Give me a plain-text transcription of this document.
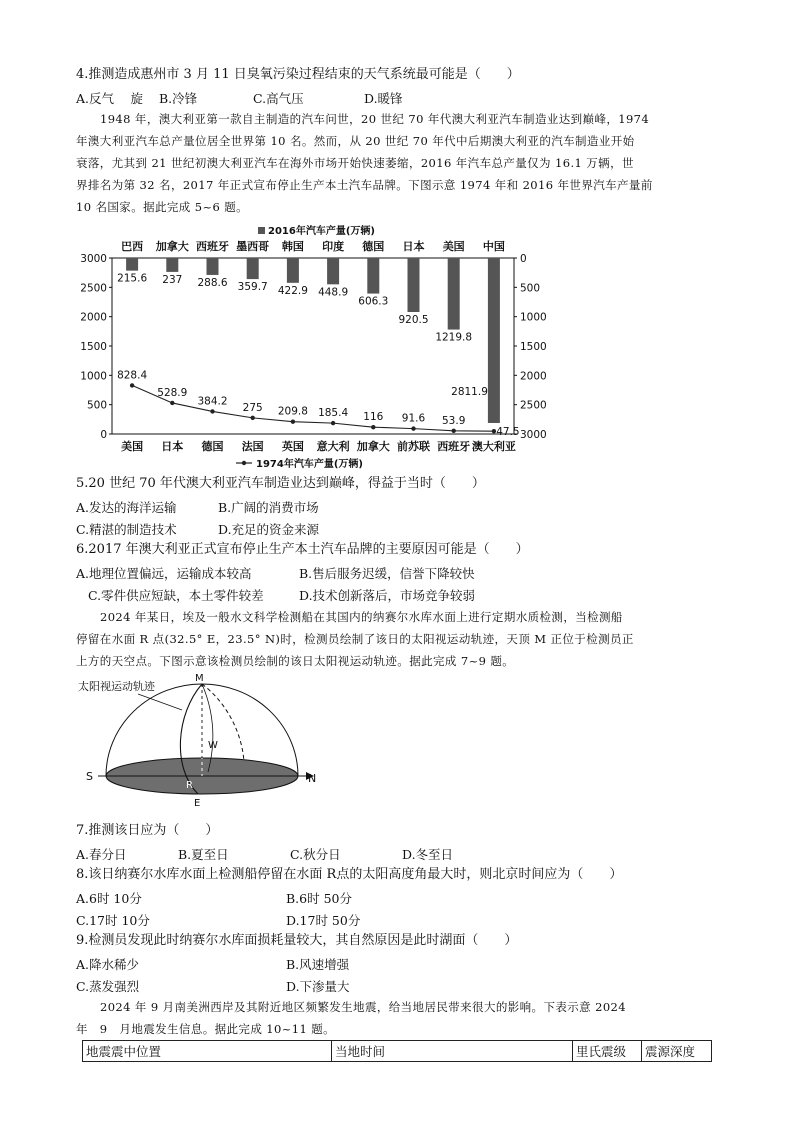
4.推测造成惠州市 3 月 11 日臭氧污染过程结束的天气系统最可能是（　　）
A.反气　 旋 B.冷锋	C.高气压	D.暖锋
1948 年，澳大利亚第一款自主制造的汽车问世，20 世纪 70 年代澳大利亚汽车制造业达到巅峰，1974
年澳大利亚汽车总产量位居全世界第 10 名。然而，从 20 世纪 70 年代中后期澳大利亚的汽车制造业开始
衰落，尤其到 21 世纪初澳大利亚汽车在海外市场开始快速萎缩，2016 年汽车总产量仅为 16.1 万辆，世
界排名为第 32 名，2017 年正式宣布停止生产本土汽车品牌。下图示意 1974 年和 2016 年世界汽车产量前
10 名国家。据此完成 5~6 题。
0
500
1000
1500
2000
2500
3000	0
500
1000
1500
2000
2500
3000
2016年汽车产量(万辆)
巴西
215.6
加拿大
237
西班牙
288.6
墨西哥
359.7
韩国
422.9
印度
448.9
德国
606.3
日本
920.5
美国
1219.8
中国
2811.9
美国 日本 德国 法国 英国 意大利 加拿大 前苏联 西班牙 澳大利亚
828.4
528.9
384.2
275 209.8 185.4 116 91.6 53.9
47.5
1974年汽车产量(万辆)
5.20 世纪 70 年代澳大利亚汽车制造业达到巅峰，得益于当时（　　）
A.发达的海洋运输	B.广阔的消费市场
C.精湛的制造技术	D.充足的资金来源
6.2017 年澳大利亚正式宣布停止生产本土汽车品牌的主要原因可能是（　　）
A.地理位置偏远，运输成本较高	B.售后服务迟缓，信誉下降较快
C.零件供应短缺，本土零件较差	D.技术创新落后，市场竞争较弱
2024 年某日，埃及一般水文科学检测船在其国内的纳赛尔水库水面上进行定期水质检测，当检测船
停留在水面 R 点(32.5° E，23.5° N)时，检测员绘制了该日的太阳视运动轨迹，天顶 M 正位于检测员正
上方的天空点。下图示意该检测员绘制的该日太阳视运动轨迹。据此完成 7~9 题。
太阳视运动轨迹
M
W
S	N
R
E
7.推测该日应为（　　）
A.春分日	B.夏至日	C.秋分日	D.冬至日
8.该日纳赛尔水库水面上检测船停留在水面 R点的太阳高度角最大时，则北京时间应为（　　）
A.6时 10分	B.6时 50分
C.17时 10分	D.17时 50分
9.检测员发现此时纳赛尔水库面损耗量较大，其自然原因是此时湖面（　　）
A.降水稀少	B.风速增强
C.蒸发强烈	D.下渗量大
2024 年 9 月南美洲西岸及其附近地区频繁发生地震，给当地居民带来很大的影响。下表示意 2024
年　9　月地震发生信息。据此完成 10~11 题。
地震震中位置	当地时间	里氏震级	震源深度
